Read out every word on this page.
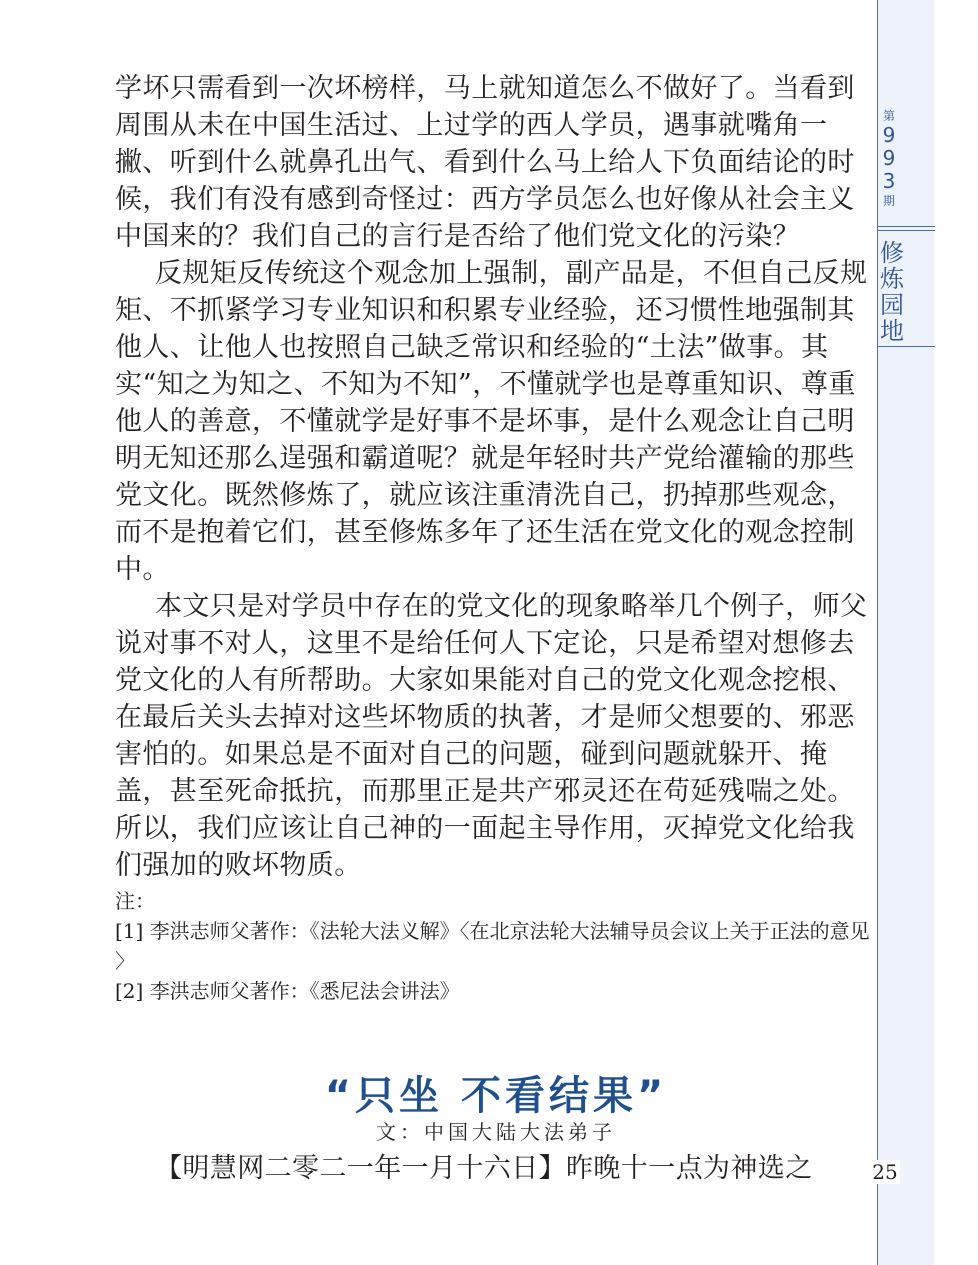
第
9
9
3
期
修
炼
园
地

学坏只需看到一次坏榜样，马上就知道怎么不做好了。当看到周围从未在中国生活过、上过学的西人学员，遇事就嘴角一撇、听到什么就鼻孔出气、看到什么马上给人下负面结论的时候，我们有没有感到奇怪过：西方学员怎么也好像从社会主义中国来的？我们自己的言行是否给了他们党文化的污染？

反规矩反传统这个观念加上强制，副产品是，不但自己反规矩、不抓紧学习专业知识和积累专业经验，还习惯性地强制其他人、让他人也按照自己缺乏常识和经验的“土法”做事。其实“知之为知之、不知为不知”，不懂就学也是尊重知识、尊重他人的善意，不懂就学是好事不是坏事，是什么观念让自己明明无知还那么逞强和霸道呢？就是年轻时共产党给灌输的那些党文化。既然修炼了，就应该注重清洗自己，扔掉那些观念，而不是抱着它们，甚至修炼多年了还生活在党文化的观念控制中。

本文只是对学员中存在的党文化的现象略举几个例子，师父说对事不对人，这里不是给任何人下定论，只是希望对想修去党文化的人有所帮助。大家如果能对自己的党文化观念挖根、在最后关头去掉对这些坏物质的执著，才是师父想要的、邪恶害怕的。如果总是不面对自己的问题，碰到问题就躲开、掩盖，甚至死命抵抗，而那里正是共产邪灵还在苟延残喘之处。所以，我们应该让自己神的一面起主导作用，灭掉党文化给我们强加的败坏物质。

注：
[1] 李洪志师父著作：《法轮大法义解》〈在北京法轮大法辅导员会议上关于正法的意见 〉
[2] 李洪志师父著作：《悉尼法会讲法》
“只坐 不看结果”
文：中国大陆大法弟子
【明慧网二零二一年一月十六日】昨晚十一点为神选之	25
